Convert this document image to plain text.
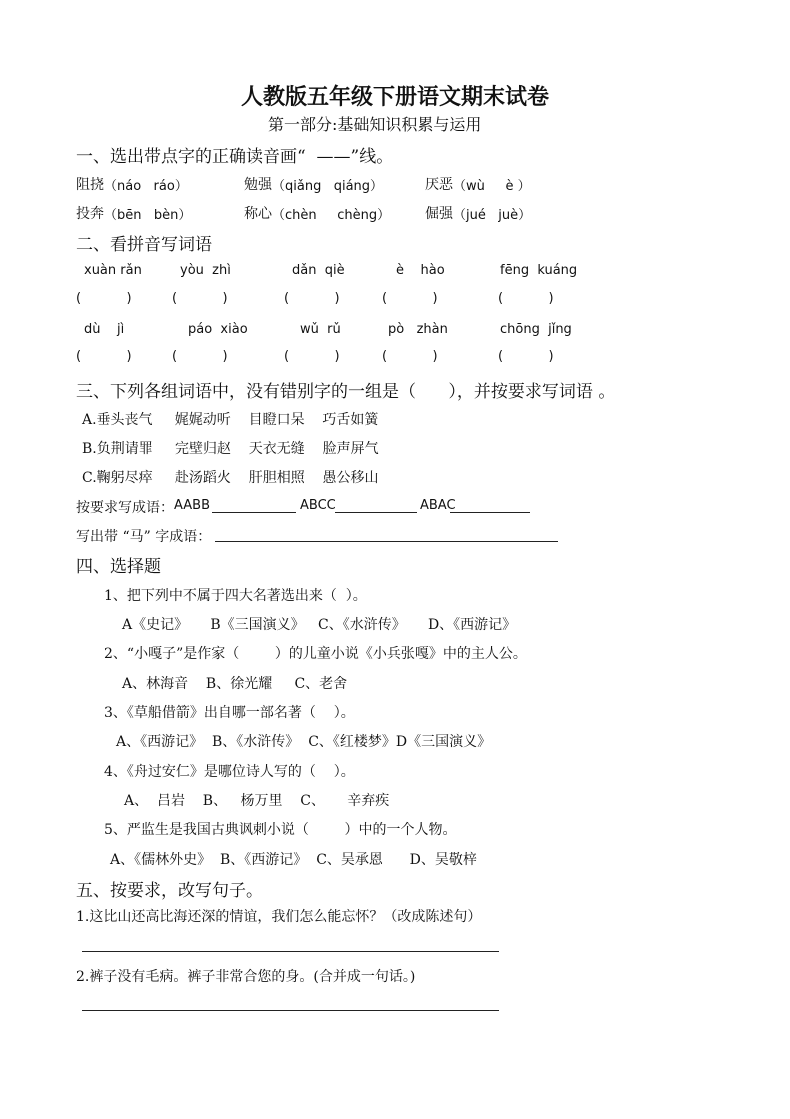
人教版五年级下册语文期末试卷
第一部分:基础知识积累与运用
一、选出带点字的正确读音画“  ——”线。
阻挠 （náo   ráo）	勉强 （qiǎng   qiáng）	厌恶 （wù     è ）
投奔 （bēn   bèn）	称心 （chèn     chèng） 倔强 （jué   juè）
二、看拼音写词语
xuàn rǎn	yòu  zhì	dǎn  qiè	è    hào	fēng  kuáng
(           )	(           )	(           )	(           )	(           )
dù    jì	páo  xiào	wǔ  rǔ	pò   zhàn	chōng  jǐng
(           )	(           )	(           )	(           )	(           )
三、下列各组词语中，没有错别字的一组是（      ），并按要求写词语 。
A.垂头丧气     娓娓动听    目瞪口呆    巧舌如簧
B.负荆请罪     完壁归赵    天衣无缝    脸声屏气
C.鞠躬尽瘁     赴汤蹈火    肝胆相照    愚公移山
按要求写成语： AABB	ABCC	ABAC
写出带 “马” 字成语：
四、选择题
1、把下列中不属于四大名著选出来（  ）。
A《史记》     B《三国演义》   C、《水浒传》     D、《西游记》
2、“小嘎子”是作家（        ）的儿童小说《小兵张嘎》中的主人公。
A、林海音    B、徐光耀     C、老舍
3、《草船借箭》出自哪一部名著（    ）。
A、《西游记》  B、《水浒传》  C、《红楼梦》D《三国演义》
4、《舟过安仁》是哪位诗人写的（    ）。
A、  吕岩    B、   杨万里    C、     辛弃疾
5、严监生是我国古典讽刺小说（        ）中的一个人物。
A、《儒林外史》  B、《西游记》  C、吴承恩      D、吴敬梓
五、按要求，改写句子。
1.这比山还高比海还深的情谊，我们怎么能忘怀？（改成陈述句）
2.裤子没有毛病。裤子非常合您的身。(合并成一句话。)
